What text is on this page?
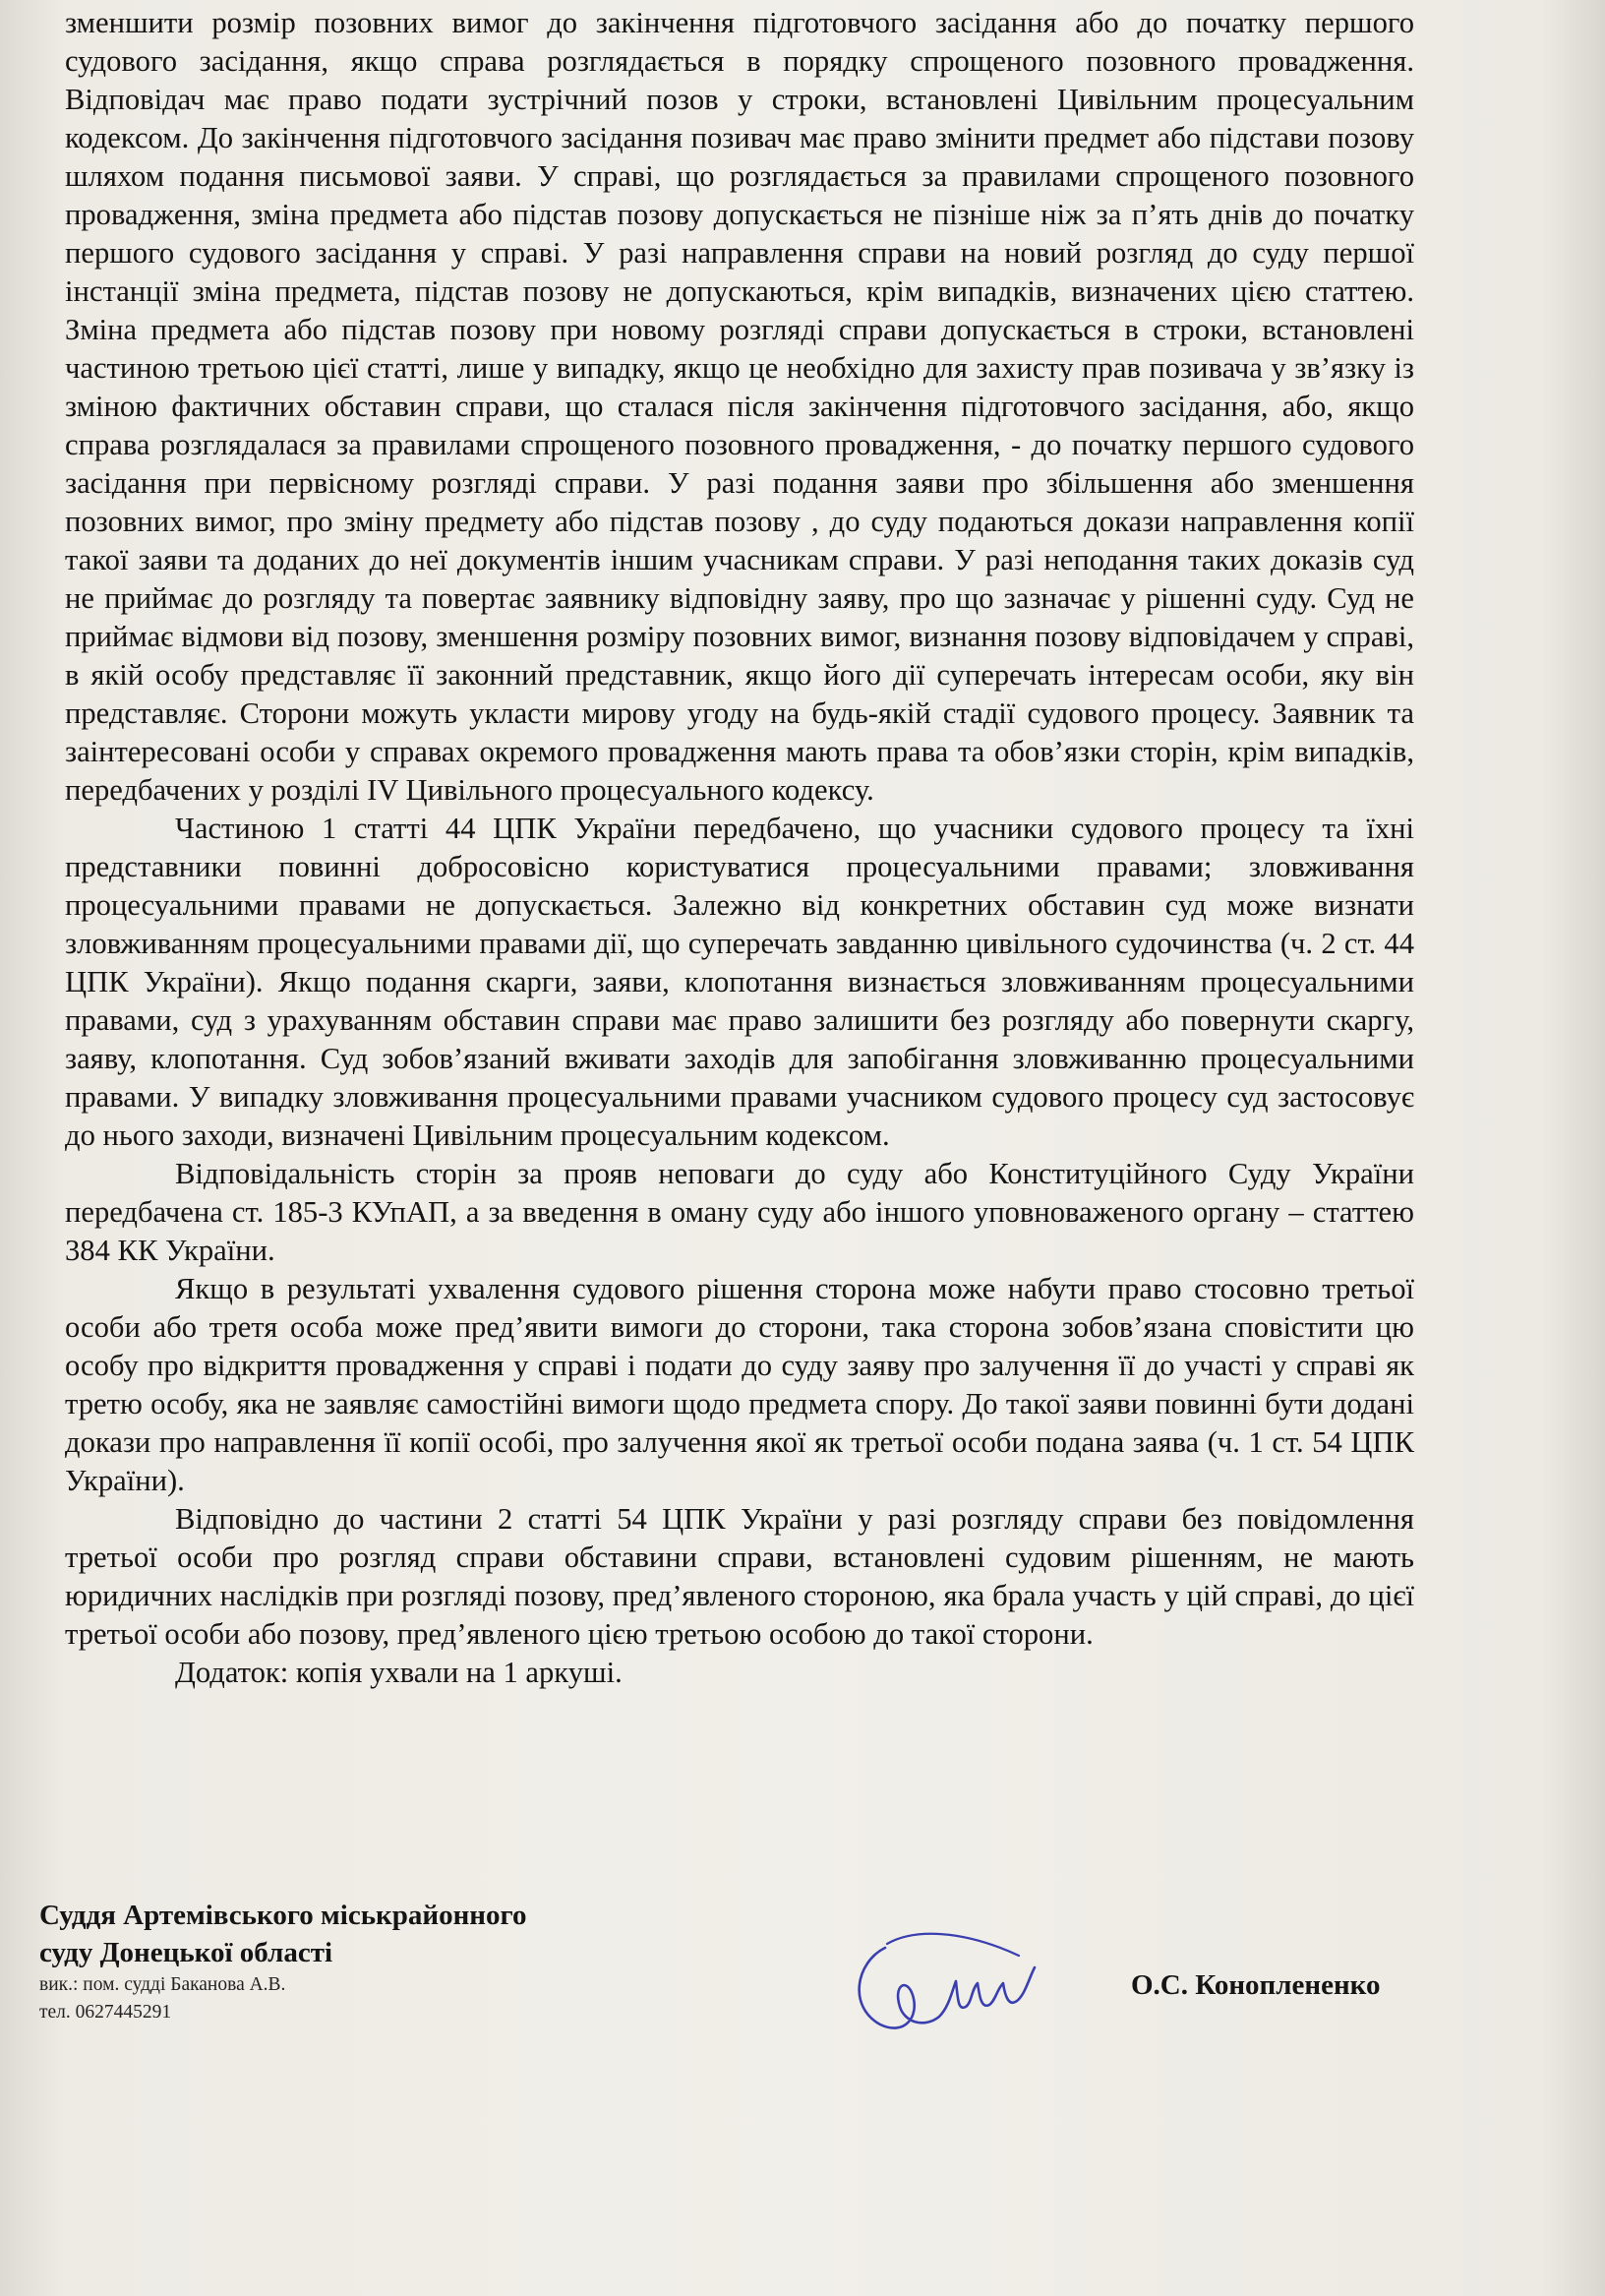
зменшити розмір позовних вимог до закінчення підготовчого засідання або до початку першого судового засідання, якщо справа розглядається в порядку спрощеного позовного провадження. Відповідач має право подати зустрічний позов у строки, встановлені Цивільним процесуальним кодексом. До закінчення підготовчого засідання позивач має право змінити предмет або підстави позову шляхом подання письмової заяви. У справі, що розглядається за правилами спрощеного позовного провадження, зміна предмета або підстав позову допускається не пізніше ніж за п’ять днів до початку першого судового засідання у справі. У разі направлення справи на новий розгляд до суду першої інстанції зміна предмета, підстав позову не допускаються, крім випадків, визначених цією статтею. Зміна предмета або підстав позову при новому розгляді справи допускається в строки, встановлені частиною третьою цієї статті, лише у випадку, якщо це необхідно для захисту прав позивача у зв’язку із зміною фактичних обставин справи, що сталася після закінчення підготовчого засідання, або, якщо справа розглядалася за правилами спрощеного позовного провадження, - до початку першого судового засідання при первісному розгляді справи. У разі подання заяви про збільшення або зменшення позовних вимог, про зміну предмету або підстав позову , до суду подаються докази направлення копії такої заяви та доданих до неї документів іншим учасникам справи. У разі неподання таких доказів суд не приймає до розгляду та повертає заявнику відповідну заяву, про що зазначає у рішенні суду. Суд не приймає відмови від позову, зменшення розміру позовних вимог, визнання позову відповідачем у справі, в якій особу представляє її законний представник, якщо його дії суперечать інтересам особи, яку він представляє. Сторони можуть укласти мирову угоду на будь-якій стадії судового процесу. Заявник та заінтересовані особи у справах окремого провадження мають права та обов’язки сторін, крім випадків, передбачених у розділі IV Цивільного процесуального кодексу.

Частиною 1 статті 44 ЦПК України передбачено, що учасники судового процесу та їхні представники повинні добросовісно користуватися процесуальними правами; зловживання процесуальними правами не допускається. Залежно від конкретних обставин суд може визнати зловживанням процесуальними правами дії, що суперечать завданню цивільного судочинства (ч. 2 ст. 44 ЦПК України). Якщо подання скарги, заяви, клопотання визнається зловживанням процесуальними правами, суд з урахуванням обставин справи має право залишити без розгляду або повернути скаргу, заяву, клопотання. Суд зобов’язаний вживати заходів для запобігання зловживанню процесуальними правами. У випадку зловживання процесуальними правами учасником судового процесу суд застосовує до нього заходи, визначені Цивільним процесуальним кодексом.

Відповідальність сторін за прояв неповаги до суду або Конституційного Суду України передбачена ст. 185-3 КУпАП, а за введення в оману суду або іншого уповноваженого органу – статтею 384 КК України.

Якщо в результаті ухвалення судового рішення сторона може набути право стосовно третьої особи або третя особа може пред’явити вимоги до сторони, така сторона зобов’язана сповістити цю особу про відкриття провадження у справі і подати до суду заяву про залучення її до участі у справі як третю особу, яка не заявляє самостійні вимоги щодо предмета спору. До такої заяви повинні бути додані докази про направлення її копії особі, про залучення якої як третьої особи подана заява (ч. 1 ст. 54 ЦПК України).

Відповідно до частини 2 статті 54 ЦПК України у разі розгляду справи без повідомлення третьої особи про розгляд справи обставини справи, встановлені судовим рішенням, не мають юридичних наслідків при розгляді позову, пред’явленого стороною, яка брала участь у цій справі, до цієї третьої особи або позову, пред’явленого цією третьою особою до такої сторони.

Додаток: копія ухвали на 1 аркуші.

Суддя Артемівського міськрайонного
суду Донецької області
вик.: пом. судді Баканова А.В.
тел. 0627445291
О.С. Коноплененко
